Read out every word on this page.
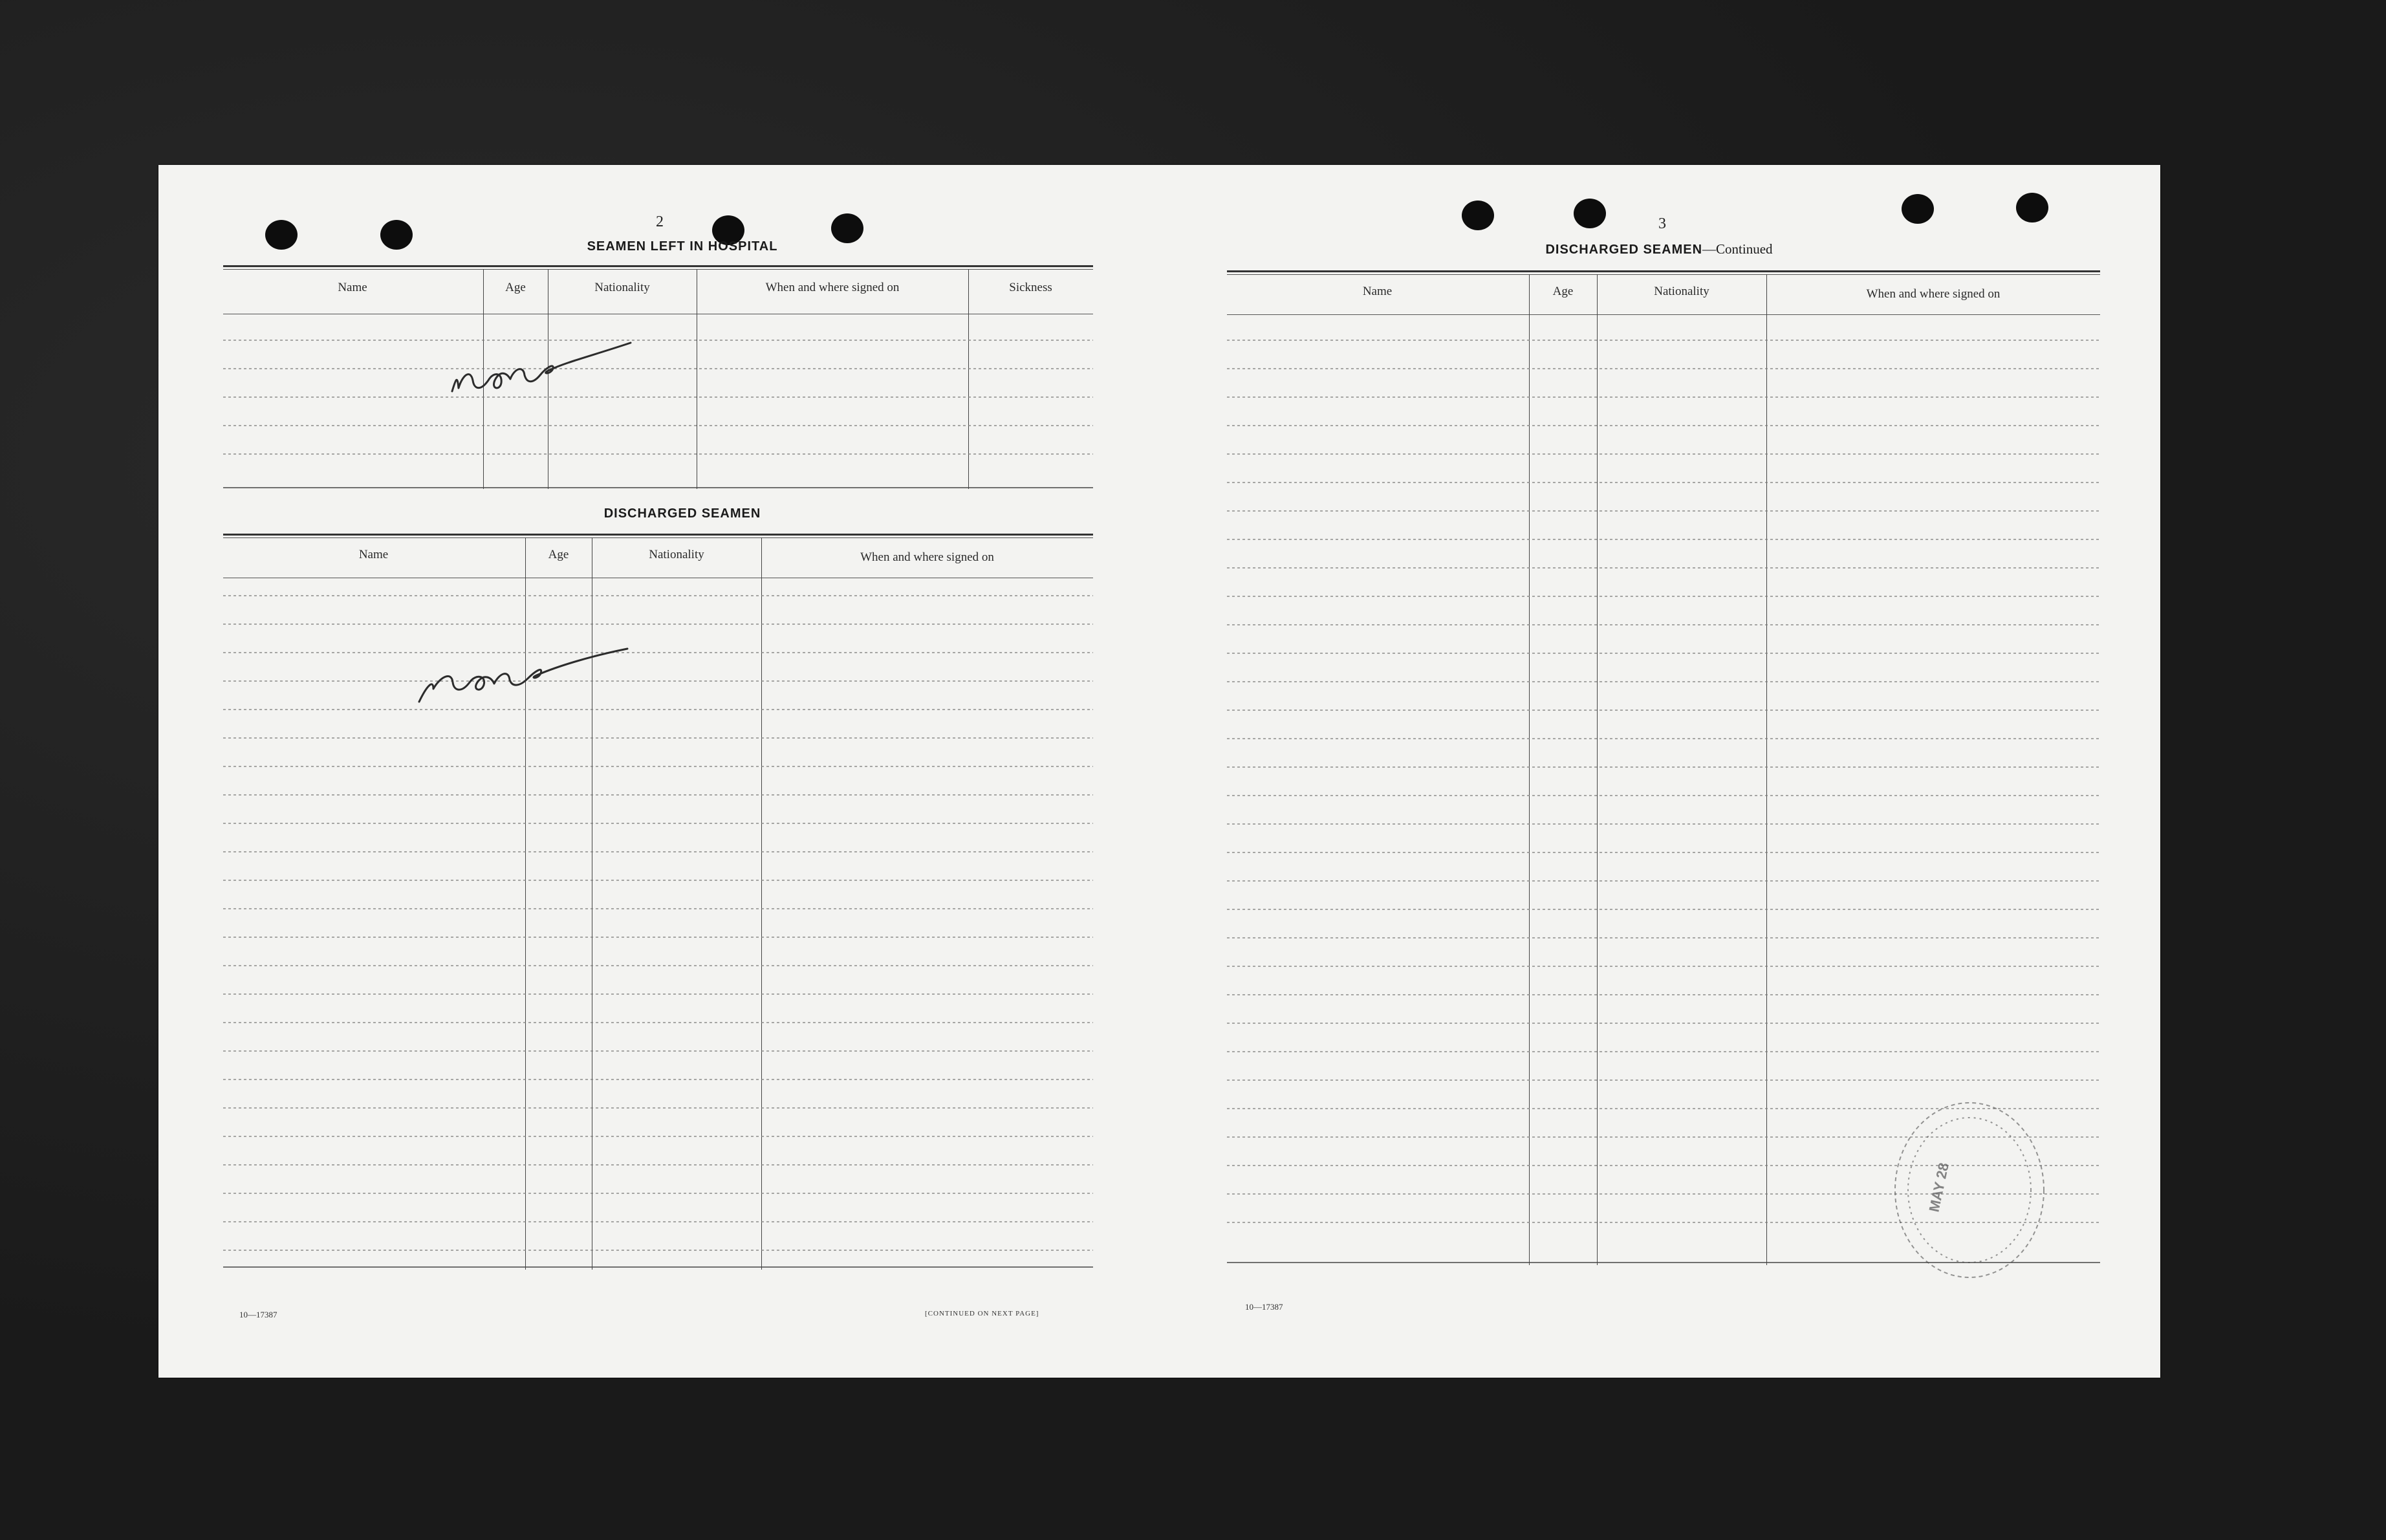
2
SEAMEN LEFT IN HOSPITAL
Name	Age	Nationality	When and where signed on	Sickness
DISCHARGED SEAMEN
Name	Age	Nationality	When and where signed on
10—17387	[CONTINUED ON NEXT PAGE]
3
DISCHARGED SEAMEN—Continued
Name	Age	Nationality	When and where signed on
10—17387
MAY 28
